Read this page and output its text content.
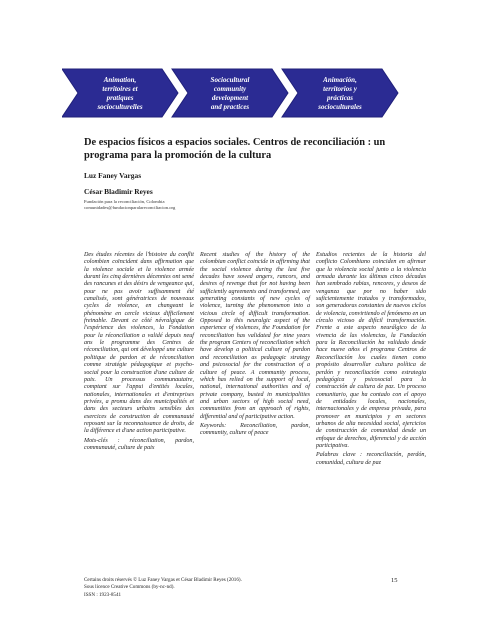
Animation,
territoires et
pratiques
socioculturelles
Sociocultural
community
development
and practices
Animación,
territorios y
prácticas
socioculturales
De espacios físicos a espacios sociales. Centros de reconciliación : un programa para la promoción de la cultura
Luz Faney Vargas
César Bladimir Reyes
Fundación para la reconciliación, Colombia
comunidades@fundacionparalareconciliacion.org

Des études récentes de l'histoire du conflit colombien coïncident dans affirmation que la violence sociale et la violence armée durant les cinq dernières décennies ont semé des rancunes et des désirs de vengeance qui, pour ne pas avoir suffisamment été canalisés, sont génératrices de nouveaux cycles de violence, en changeant le phénomène en cercle vicieux difficilement freinable. Devant ce côté névralgique de l'expérience des violences, la Fondation pour la réconciliation a validé depuis neuf ans le programme des Centres de réconciliation, qui ont développé une culture politique de pardon et de réconciliation comme stratégie pédagogique et psycho-social pour la construction d'une culture de paix. Un processus communautaire, comptant sur l'appui d'entités locales, nationales, internationales et d'entreprises privées, a promu dans des municipalités et dans des secteurs urbains sensibles des exercices de construction de communauté reposant sur la reconnaissance de droits, de la différence et d'une action participative.

Mots-clés : réconciliation, pardon, communauté, culture de paix

Recent studies of the history of the colombian conflict coincide in affirming that the social violence during the last five decades have sowed angers, rancors, and desires of revenge that for not having been sufficiently agreements and transformed, are generating constants of new cycles of violence, turning the phenomenon into a vicious circle of difficult transformation. Opposed to this neuralgic aspect of the experience of violences, the Foundation for reconciliation has validated for nine years the program Centers of reconciliation which have develop a political culture of pardon and reconciliation as pedagogic strategy and psicosocial for the construction of a culture of peace. A community process, which has relied on the support of local, national, international authorities and of private company, busted in municipalities and urban sectors of high social need, communities from an approach of rights, differential and of participative action.

Keywords: Reconciliation, pardon, community, culture of peace

Estudios recientes de la historia del conflicto Colombiano coinciden en afirmar que la violencia social junto a la violencia armada durante las últimas cinco décadas han sembrado rabias, rencores, y deseos de venganza que por no haber sido suficientemente tratados y transformados, son generadoras constantes de nuevos ciclos de violencia, convirtiendo el fenómeno en un círculo vicioso de difícil transformación. Frente a este aspecto neurálgico de la vivencia de las violencias, la Fundación para la Reconciliación ha validado desde hace nueve años el programa Centros de Reconciliación los cuales tienen como propósito desarrollar cultura política de perdón y reconciliación como estrategia pedagógica y psicosocial para la construcción de cultura de paz. Un proceso comunitario, que ha contado con el apoyo de entidades locales, nacionales, internacionales y de empresa privada, para promover en municipios y en sectores urbanos de alta necesidad social, ejercicios de construcción de comunidad desde un enfoque de derechos, diferencial y de acción participativa.

Palabras clave : reconciliación, perdón, comunidad, cultura de paz

Certains droits réservés © Luz Faney Vargas et César Bladimir Reyes (2016).
Sous licence Creative Commons (by-nc-nd).
ISSN : 1923-8541
15
